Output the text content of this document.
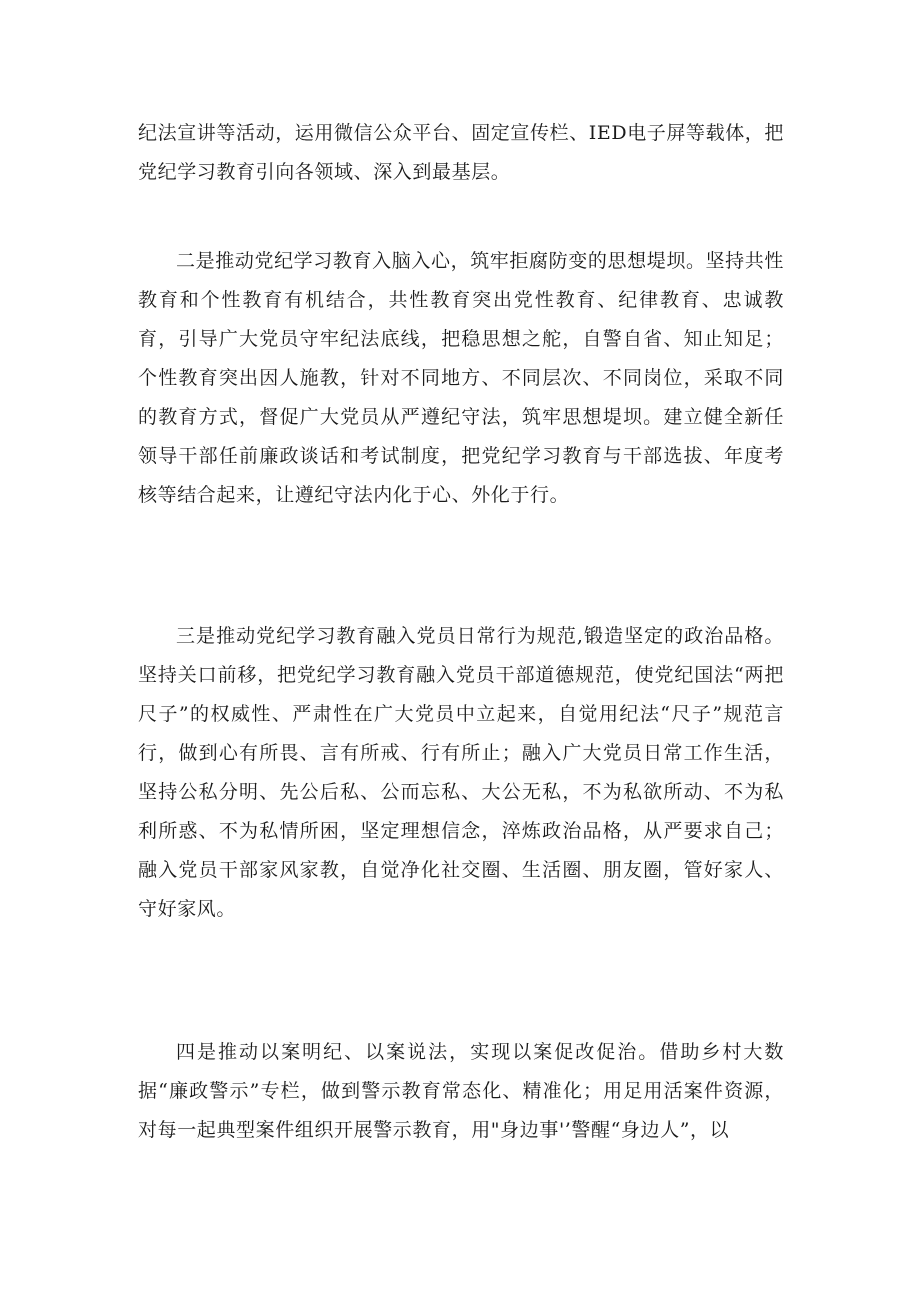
纪法宣讲等活动，运用微信公众平台、固定宣传栏、IED电子屏等载体，把党纪学习教育引向各领域、深入到最基层。

二是推动党纪学习教育入脑入心，筑牢拒腐防变的思想堤坝。坚持共性教育和个性教育有机结合，共性教育突出党性教育、纪律教育、忠诚教育，引导广大党员守牢纪法底线，把稳思想之舵，自警自省、知止知足；个性教育突出因人施教，针对不同地方、不同层次、不同岗位，采取不同的教育方式，督促广大党员从严遵纪守法，筑牢思想堤坝。建立健全新任领导干部任前廉政谈话和考试制度，把党纪学习教育与干部选拔、年度考核等结合起来，让遵纪守法内化于心、外化于行。

三是推动党纪学习教育融入党员日常行为规范,锻造坚定的政治品格。坚持关口前移，把党纪学习教育融入党员干部道德规范，使党纪国法“两把尺子”的权威性、严肃性在广大党员中立起来，自觉用纪法“尺子”规范言行，做到心有所畏、言有所戒、行有所止；融入广大党员日常工作生活，坚持公私分明、先公后私、公而忘私、大公无私，不为私欲所动、不为私利所惑、不为私情所困，坚定理想信念，淬炼政治品格，从严要求自己；融入党员干部家风家教，自觉净化社交圈、生活圈、朋友圈，管好家人、守好家风。

四是推动以案明纪、以案说法，实现以案促改促治。借助乡村大数据“廉政警示”专栏，做到警示教育常态化、精准化；用足用活案件资源，对每一起典型案件组织开展警示教育，用"身边事'’警醒“身边人”，以
